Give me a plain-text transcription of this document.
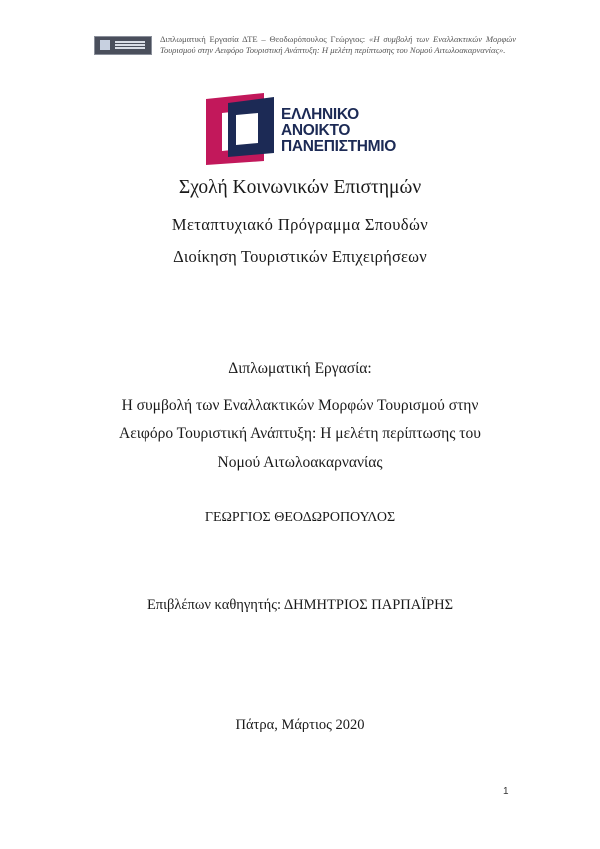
Διπλωματική Εργασία ΔΤΕ – Θεοδωρόπουλος Γεώργιος: «Η συμβολή των Εναλλακτικών Μορφών Τουρισμού στην Αειφόρο Τουριστική Ανάπτυξη: Η μελέτη περίπτωσης του Νομού Αιτωλοακαρνανίας».
ΕΛΛΗΝΙΚΟ
ΑΝΟΙΚΤΟ
ΠΑΝΕΠΙΣΤΗΜΙΟ
Σχολή Κοινωνικών Επιστημών
Μεταπτυχιακό Πρόγραμμα Σπουδών
Διοίκηση Τουριστικών Επιχειρήσεων
Διπλωματική Εργασία:
Η συμβολή των Εναλλακτικών Μορφών Τουρισμού στην
Αειφόρο Τουριστική Ανάπτυξη: Η μελέτη περίπτωσης του
Νομού Αιτωλοακαρνανίας
ΓΕΩΡΓΙΟΣ ΘΕΟΔΩΡΟΠΟΥΛΟΣ
Επιβλέπων καθηγητής: ΔΗΜΗΤΡΙΟΣ ΠΑΡΠΑΪΡΗΣ
Πάτρα, Μάρτιος 2020
1
